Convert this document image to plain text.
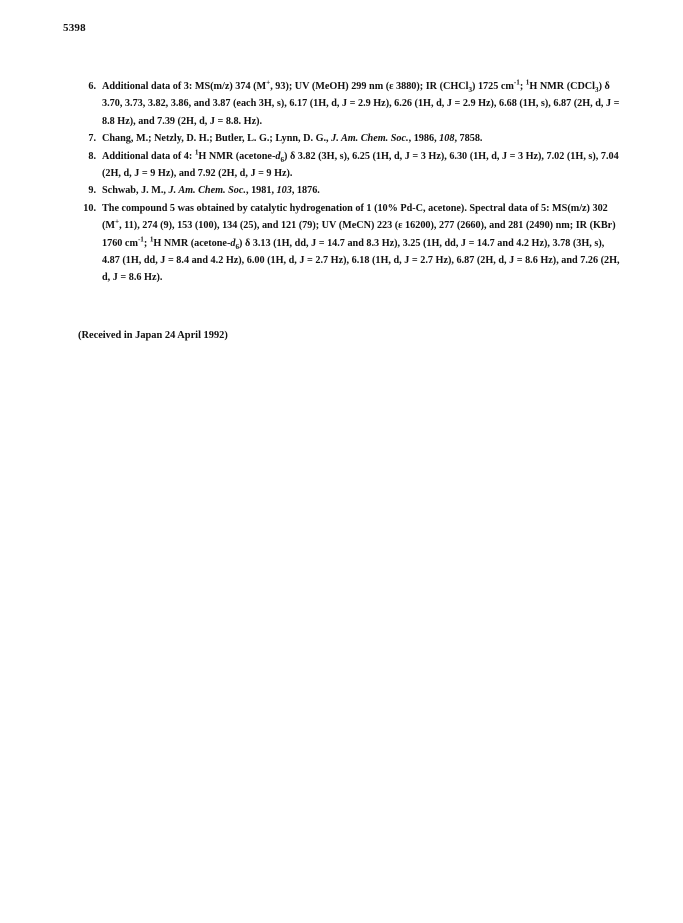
5398
6. Additional data of 3: MS(m/z) 374 (M+, 93); UV (MeOH) 299 nm (ε 3880); IR (CHCl$_3$) 1725 $cm^{-1}$; $^1$H NMR (CDCl$_3$) δ 3.70, 3.73, 3.82, 3.86, and 3.87 (each 3H, s), 6.17 (1H, d, J = 2.9 Hz), 6.26 (1H, d, J = 2.9 Hz), 6.68 (1H, s), 6.87 (2H, d, J = 8.8 Hz), and 7.39 (2H, d, J = 8.8. Hz).
7. Chang, M.; Netzly, D. H.; Butler, L. G.; Lynn, D. G., J. Am. Chem. Soc., 1986, 108, 7858.
8. Additional data of 4: $^1$H NMR $(acetone-d_6)$ δ 3.82 (3H, s), 6.25 (1H, d, J = 3 Hz), 6.30 (1H, d, J = 3 Hz), 7.02 (1H, s), 7.04 (2H, d, J = 9 Hz), and 7.92 (2H, d, J = 9 Hz).
9. Schwab, J. M., J. Am. Chem. Soc., 1981, 103, 1876.
10. The compound 5 was obtained by catalytic hydrogenation of 1 (10% Pd-C, acetone). Spectral data of 5: MS(m/z) 302 (M+, 11), 274 (9), 153 (100), 134 (25), and 121 (79); UV (MeCN) 223 (ε 16200), 277 (2660), and 281 (2490) nm; IR (KBr) 1760 $cm^{-1}$; $^1$H NMR $(acetone-d_6)$ δ 3.13 (1H, dd, J = 14.7 and 8.3 Hz), 3.25 (1H, dd, J = 14.7 and 4.2 Hz), 3.78 (3H, s), 4.87 (1H, dd, J = 8.4 and 4.2 Hz), 6.00 (1H, d, J = 2.7 Hz), 6.18 (1H, d, J = 2.7 Hz), 6.87 (2H, d, J = 8.6 Hz), and 7.26 (2H, d, J = 8.6 Hz).
(Received in Japan 24 April 1992)
